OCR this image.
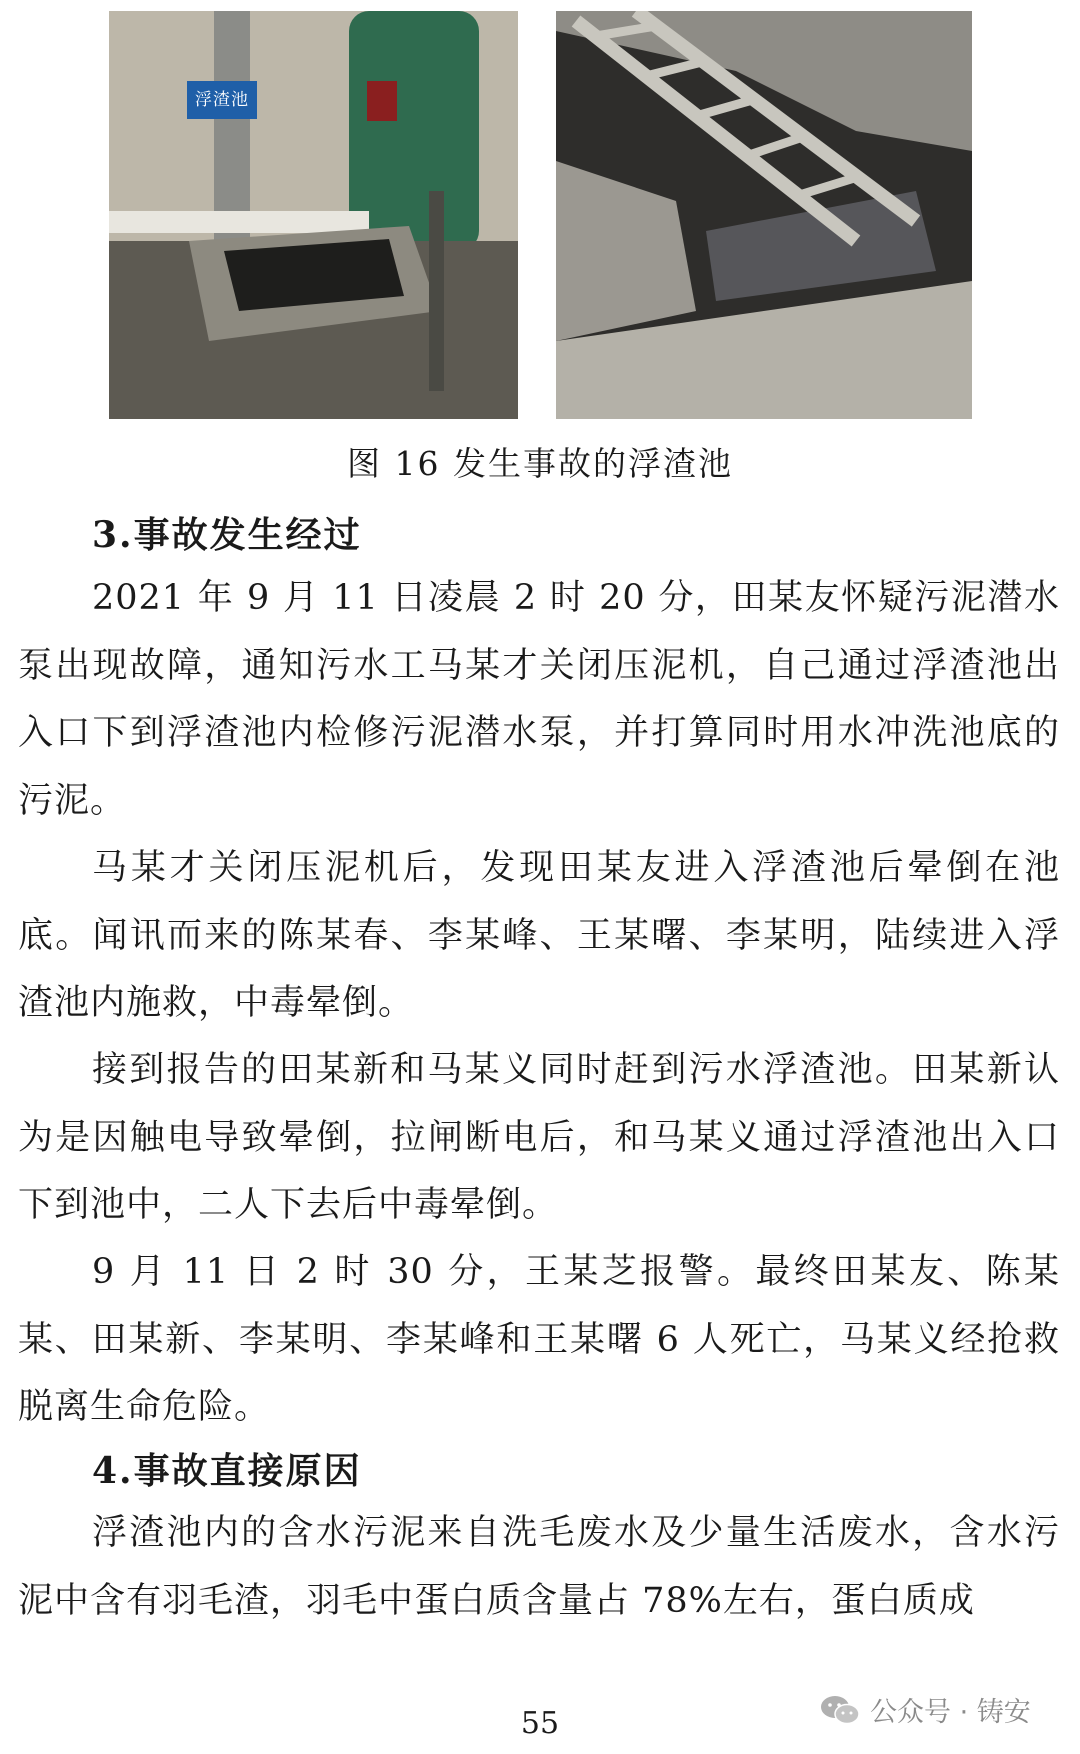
浮渣池
图 16 发生事故的浮渣池
3.事故发生经过
2021 年 9 月 11 日凌晨 2 时 20 分，田某友怀疑污泥潜水泵出现故障，通知污水工马某才关闭压泥机，自己通过浮渣池出入口下到浮渣池内检修污泥潜水泵，并打算同时用水冲洗池底的污泥。
马某才关闭压泥机后，发现田某友进入浮渣池后晕倒在池底。闻讯而来的陈某春、李某峰、王某曙、李某明，陆续进入浮渣池内施救，中毒晕倒。
接到报告的田某新和马某义同时赶到污水浮渣池。田某新认为是因触电导致晕倒，拉闸断电后，和马某义通过浮渣池出入口下到池中，二人下去后中毒晕倒。
9 月 11 日 2 时 30 分，王某芝报警。最终田某友、陈某某、田某新、李某明、李某峰和王某曙 6 人死亡，马某义经抢救脱离生命危险。
4.事故直接原因
浮渣池内的含水污泥来自洗毛废水及少量生活废水，含水污泥中含有羽毛渣，羽毛中蛋白质含量占 78%左右，蛋白质成
55	公众号 · 铸安
